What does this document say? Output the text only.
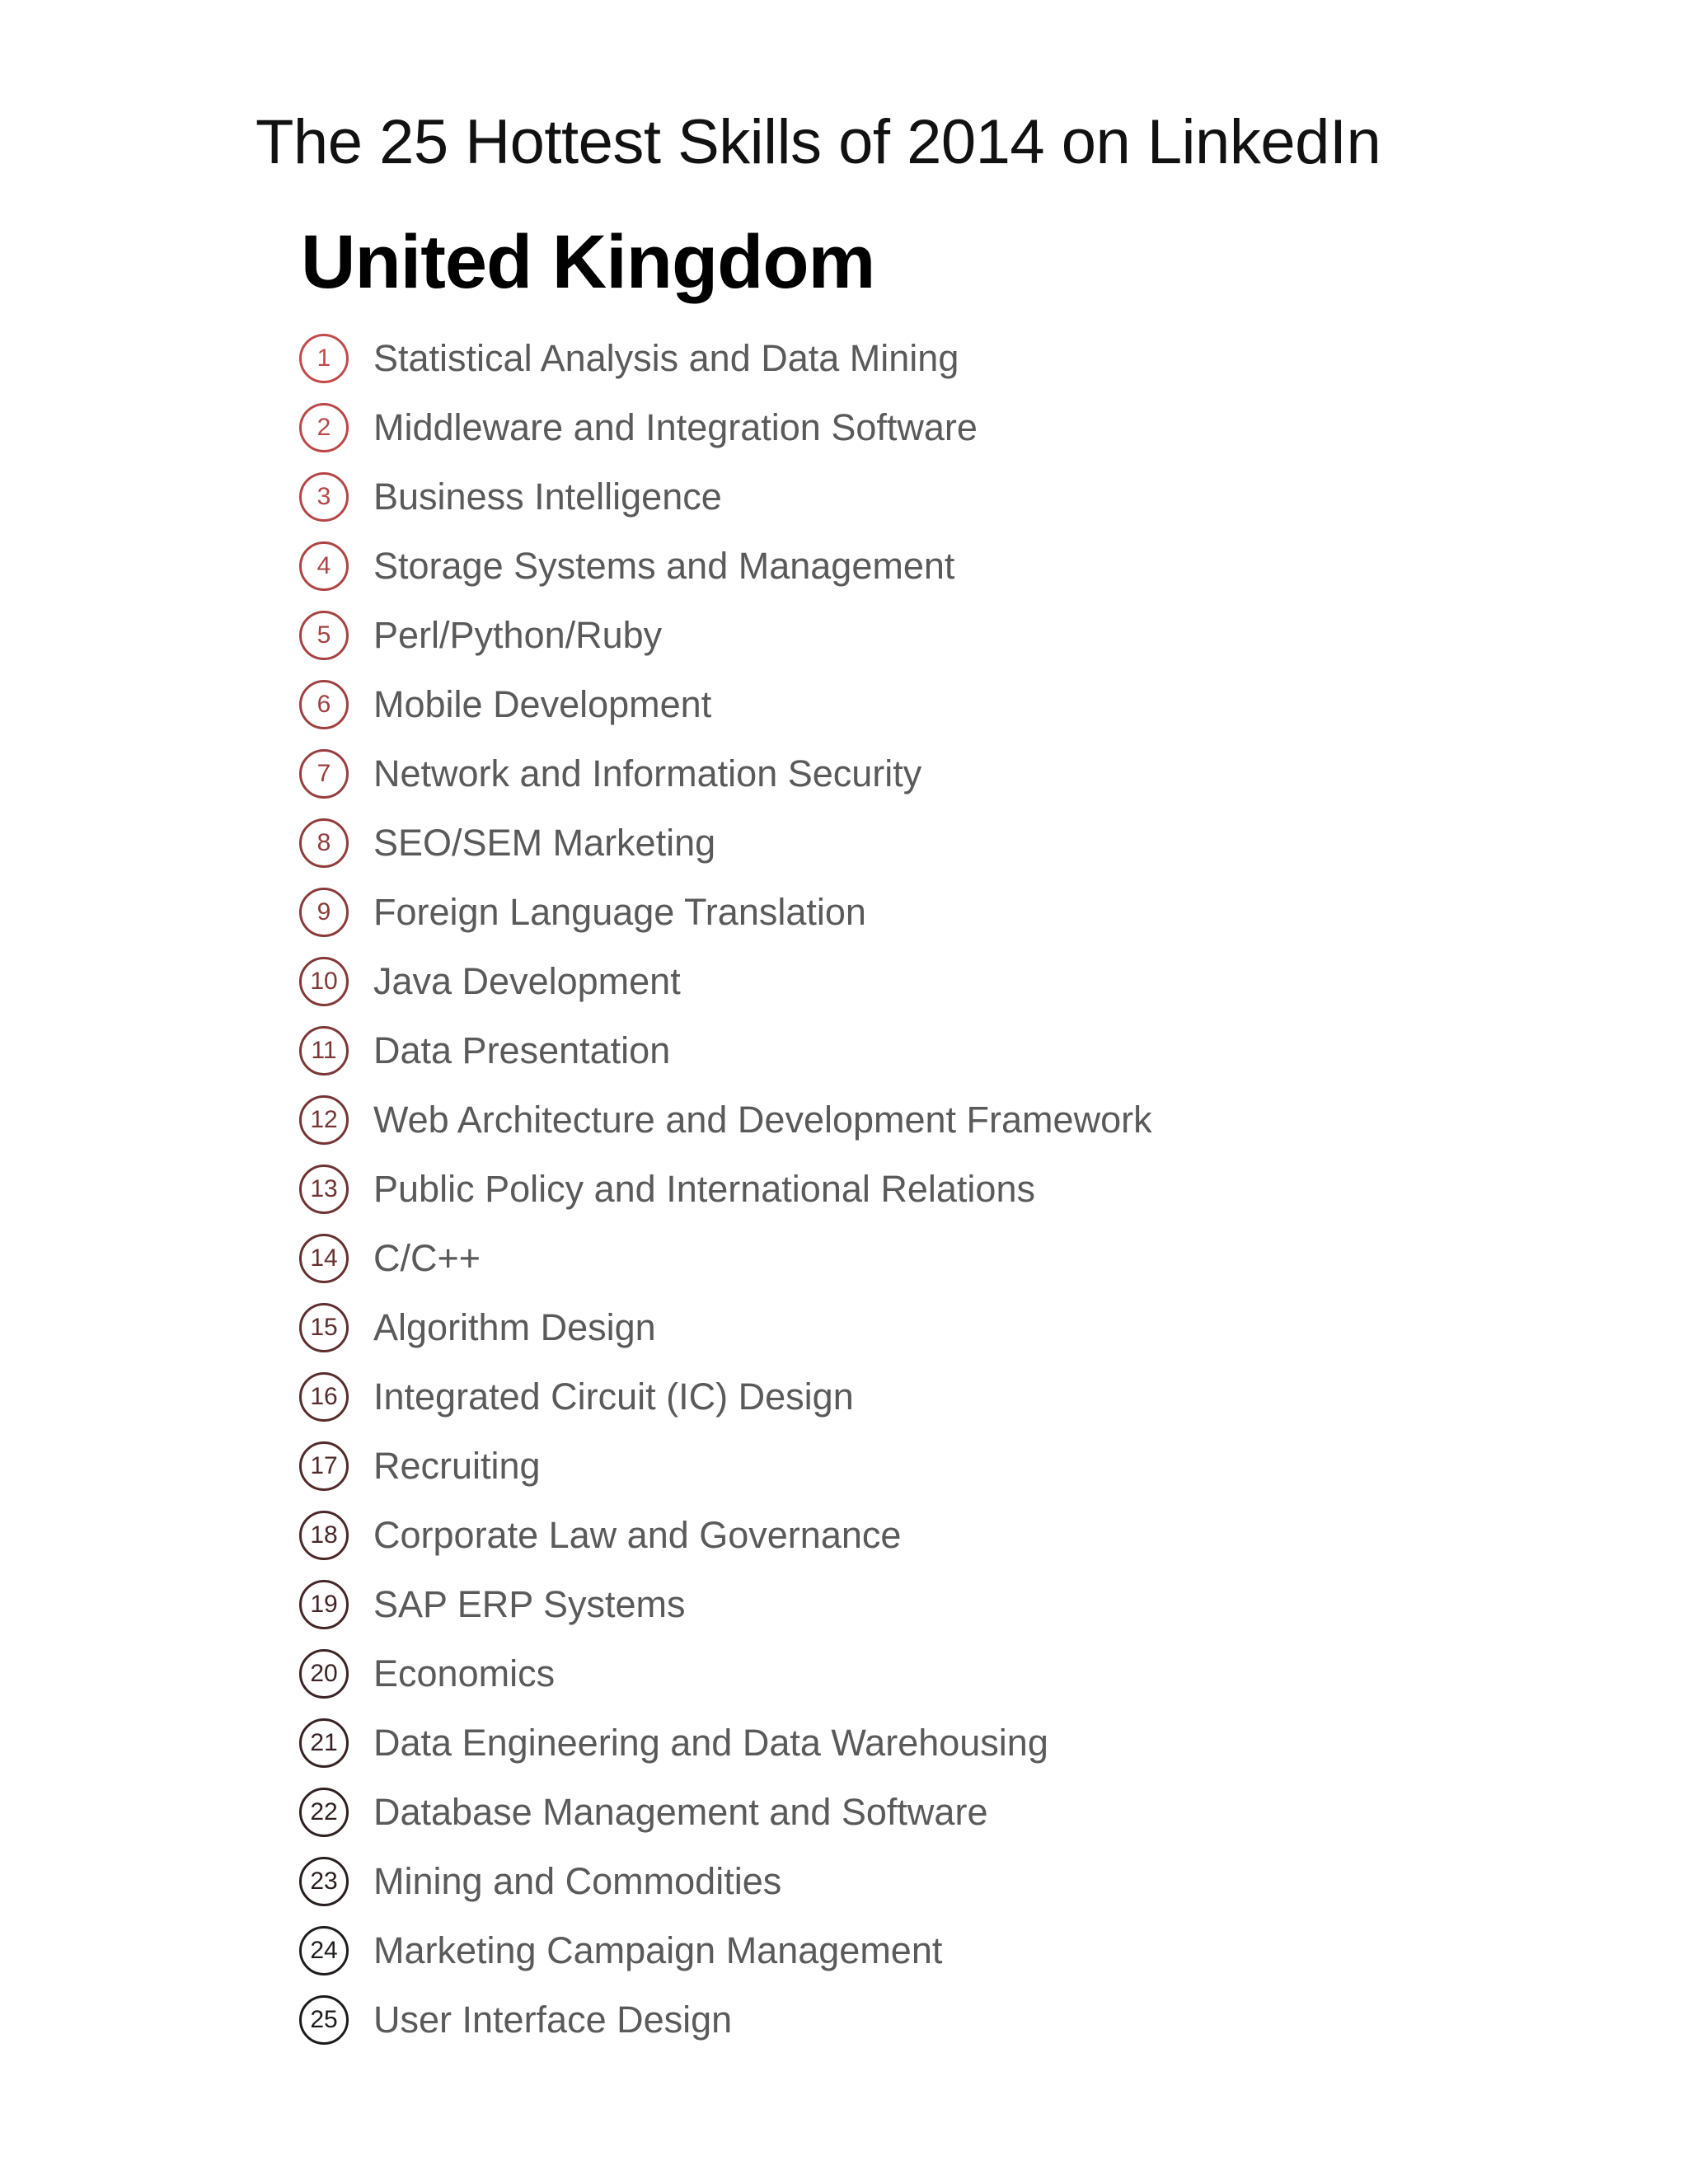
The 25 Hottest Skills of 2014 on LinkedIn
United Kingdom
1	Statistical Analysis and Data Mining
2	Middleware and Integration Software
3	Business Intelligence
4	Storage Systems and Management
5	Perl/Python/Ruby
6	Mobile Development
7	Network and Information Security
8	SEO/SEM Marketing
9	Foreign Language Translation
10 Java Development
11 Data Presentation
12 Web Architecture and Development Framework
13 Public Policy and International Relations
14 C/C++
15 Algorithm Design
16 Integrated Circuit (IC) Design
17 Recruiting
18 Corporate Law and Governance
19 SAP ERP Systems
20 Economics
21 Data Engineering and Data Warehousing
22 Database Management and Software
23 Mining and Commodities
24 Marketing Campaign Management
25 User Interface Design
